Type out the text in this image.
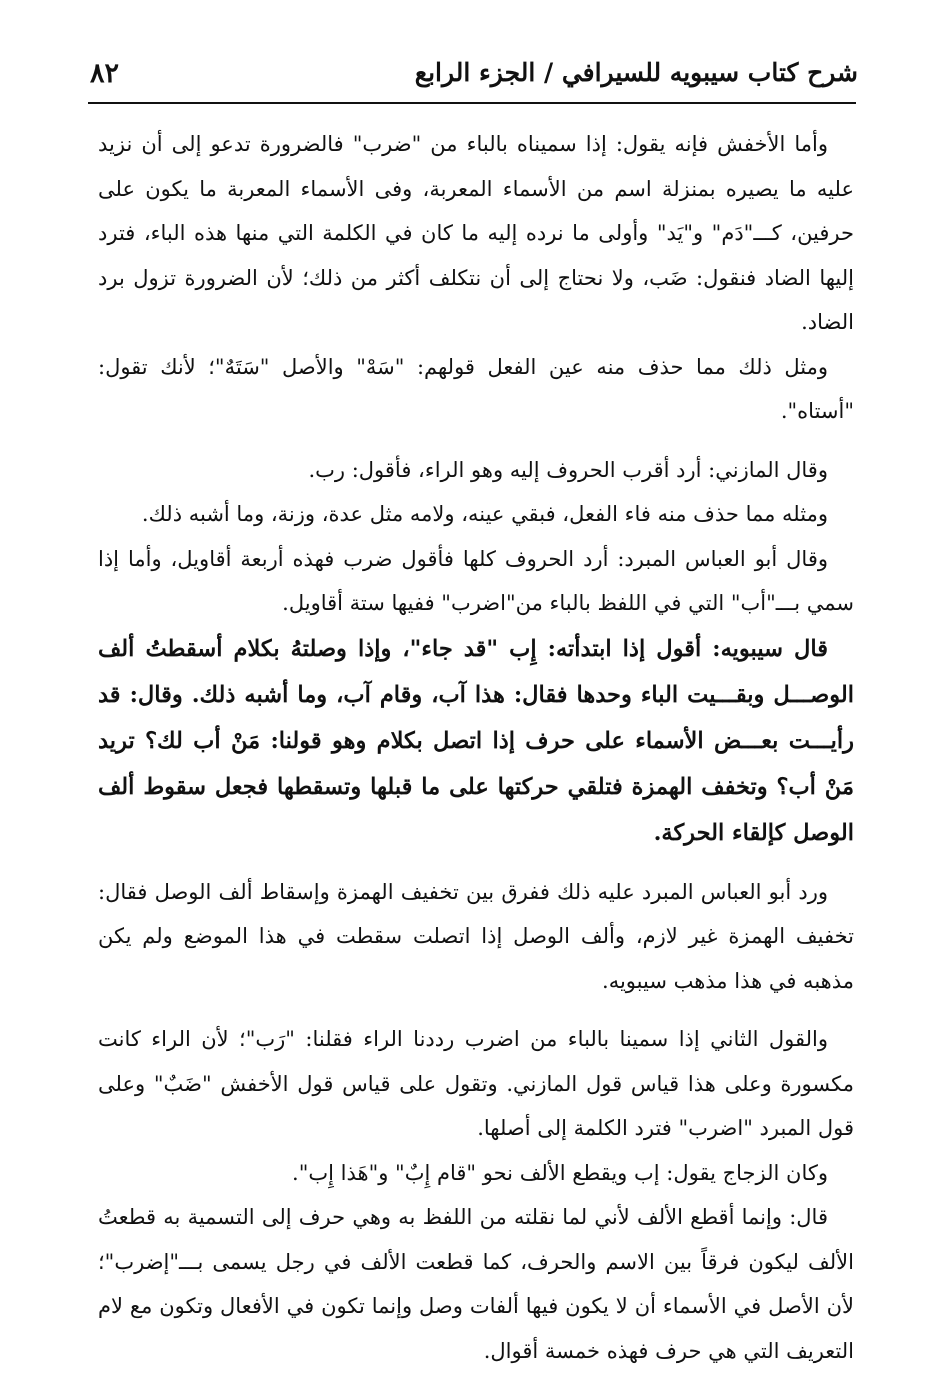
٨٢	شرح كتاب سيبويه للسيرافي / الجزء الرابع

وأما الأخفش فإنه يقول: إذا سميناه بالباء من "ضرب" فالضرورة تدعو إلى أن نزيد عليه ما يصيره بمنزلة اسم من الأسماء المعربة، وفى الأسماء المعربة ما يكون على حرفين، كـــ"دَم" و"يَد" وأولى ما نرده إليه ما كان في الكلمة التي منها هذه الباء، فترد إليها الضاد فنقول: ضَب، ولا نحتاج إلى أن نتكلف أكثر من ذلك؛ لأن الضرورة تزول برد الضاد.

ومثل ذلك مما حذف منه عين الفعل قولهم: "سَهْ" والأصل "سَتَهٌ"؛ لأنك تقول: "أستاه".

وقال المازني: أرد أقرب الحروف إليه وهو الراء، فأقول: رب.

ومثله مما حذف منه فاء الفعل، فبقي عينه، ولامه مثل عدة، وزنة، وما أشبه ذلك.

وقال أبو العباس المبرد: أرد الحروف كلها فأقول ضرب فهذه أربعة أقاويل، وأما إذا سمي بـــ"أب" التي في اللفظ بالباء من"اضرب" ففيها ستة أقاويل.

قال سيبويه: أقول إذا ابتدأته: إِب "قد جاء"، وإذا وصلتهُ بكلام أسقطتُ ألف الوصـــل وبقـــيت الباء وحدها فقال: هذا آب، وقام آب، وما أشبه ذلك. وقال: قد رأيـــت بعـــض الأسماء على حرف إذا اتصل بكلام وهو قولنا: مَنْ أب لك؟ تريد مَنْ أب؟ وتخفف الهمزة فتلقي حركتها على ما قبلها وتسقطها فجعل سقوط ألف الوصل كإلقاء الحركة.

ورد أبو العباس المبرد عليه ذلك ففرق بين تخفيف الهمزة وإسقاط ألف الوصل فقال: تخفيف الهمزة غير لازم، وألف الوصل إذا اتصلت سقطت في هذا الموضع ولم يكن مذهبه في هذا مذهب سيبويه.

والقول الثاني إذا سمينا بالباء من اضرب رددنا الراء فقلنا: "رَب"؛ لأن الراء كانت مكسورة وعلى هذا قياس قول المازني. وتقول على قياس قول الأخفش "ضَبٌ" وعلى قول المبرد "اضرب" فترد الكلمة إلى أصلها.

وكان الزجاج يقول: إب ويقطع الألف نحو "قام إِبٌ" و"هَذا إِب".

قال: وإنما أقطع الألف لأني لما نقلته من اللفظ به وهي حرف إلى التسمية به قطعتُ الألف ليكون فرقاً بين الاسم والحرف، كما قطعت الألف في رجل يسمى بـــ"إضرب"؛ لأن الأصل في الأسماء أن لا يكون فيها ألفات وصل وإنما تكون في الأفعال وتكون مع لام التعريف التي هي حرف فهذه خمسة أقوال.
